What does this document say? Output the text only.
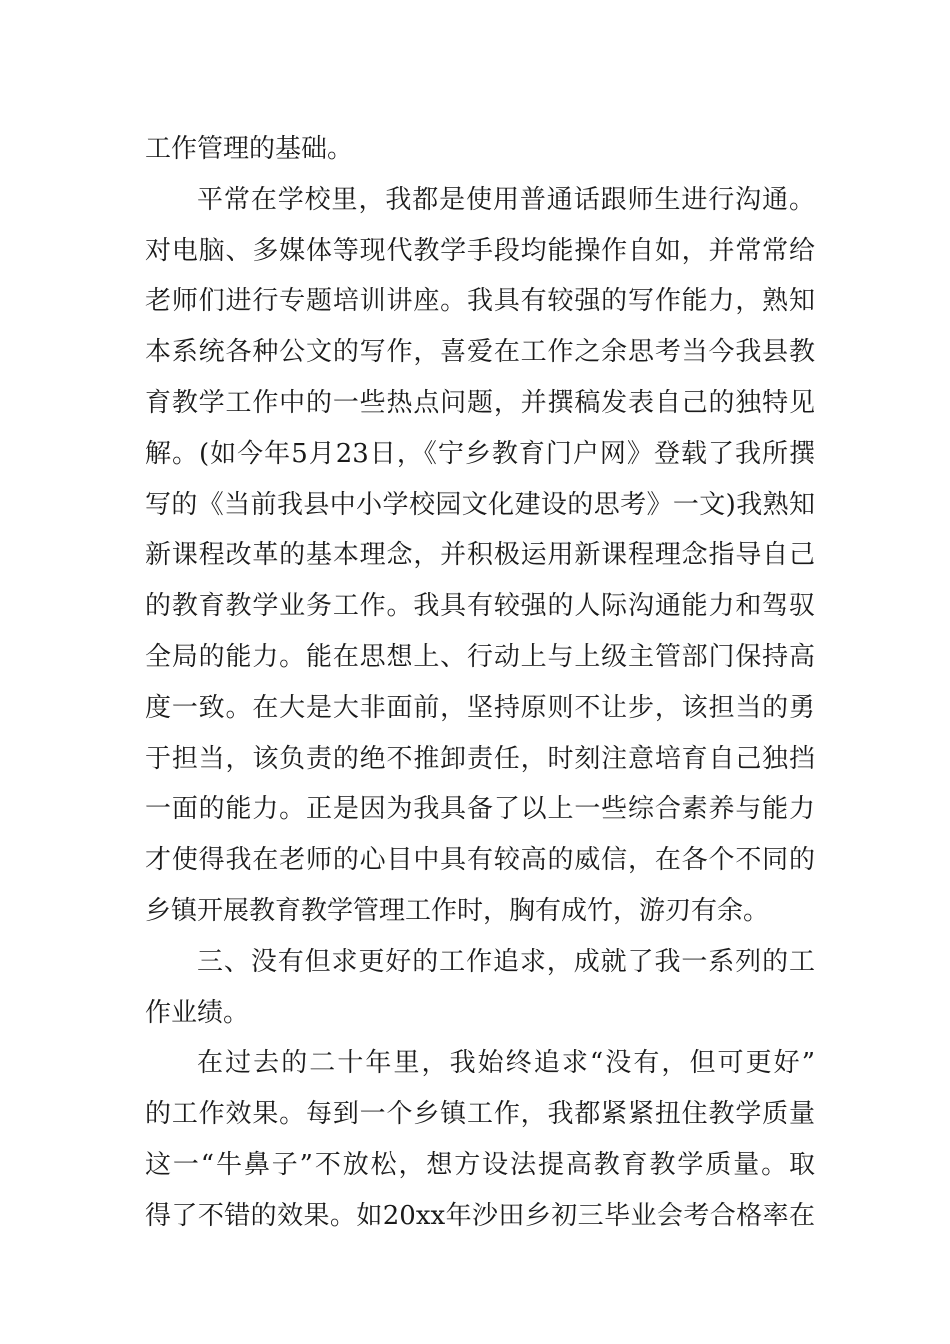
工作管理的基础。
平常在学校里，我都是使用普通话跟师生进行沟通。
对电脑、多媒体等现代教学手段均能操作自如，并常常给
老师们进行专题培训讲座。我具有较强的写作能力，熟知
本系统各种公文的写作，喜爱在工作之余思考当今我县教
育教学工作中的一些热点问题，并撰稿发表自己的独特见
解。(如今年5月23日，《宁乡教育门户网》登载了我所撰
写的《当前我县中小学校园文化建设的思考》一文)我熟知
新课程改革的基本理念，并积极运用新课程理念指导自己
的教育教学业务工作。我具有较强的人际沟通能力和驾驭
全局的能力。能在思想上、行动上与上级主管部门保持高
度一致。在大是大非面前，坚持原则不让步，该担当的勇
于担当，该负责的绝不推卸责任，时刻注意培育自己独挡
一面的能力。正是因为我具备了以上一些综合素养与能力
才使得我在老师的心目中具有较高的威信，在各个不同的
乡镇开展教育教学管理工作时，胸有成竹，游刃有余。
三、没有但求更好的工作追求，成就了我一系列的工
作业绩。
在过去的二十年里，我始终追求“没有，但可更好”
的工作效果。每到一个乡镇工作，我都紧紧扭住教学质量
这一“牛鼻子”不放松，想方设法提高教育教学质量。取
得了不错的效果。如20xx年沙田乡初三毕业会考合格率在
